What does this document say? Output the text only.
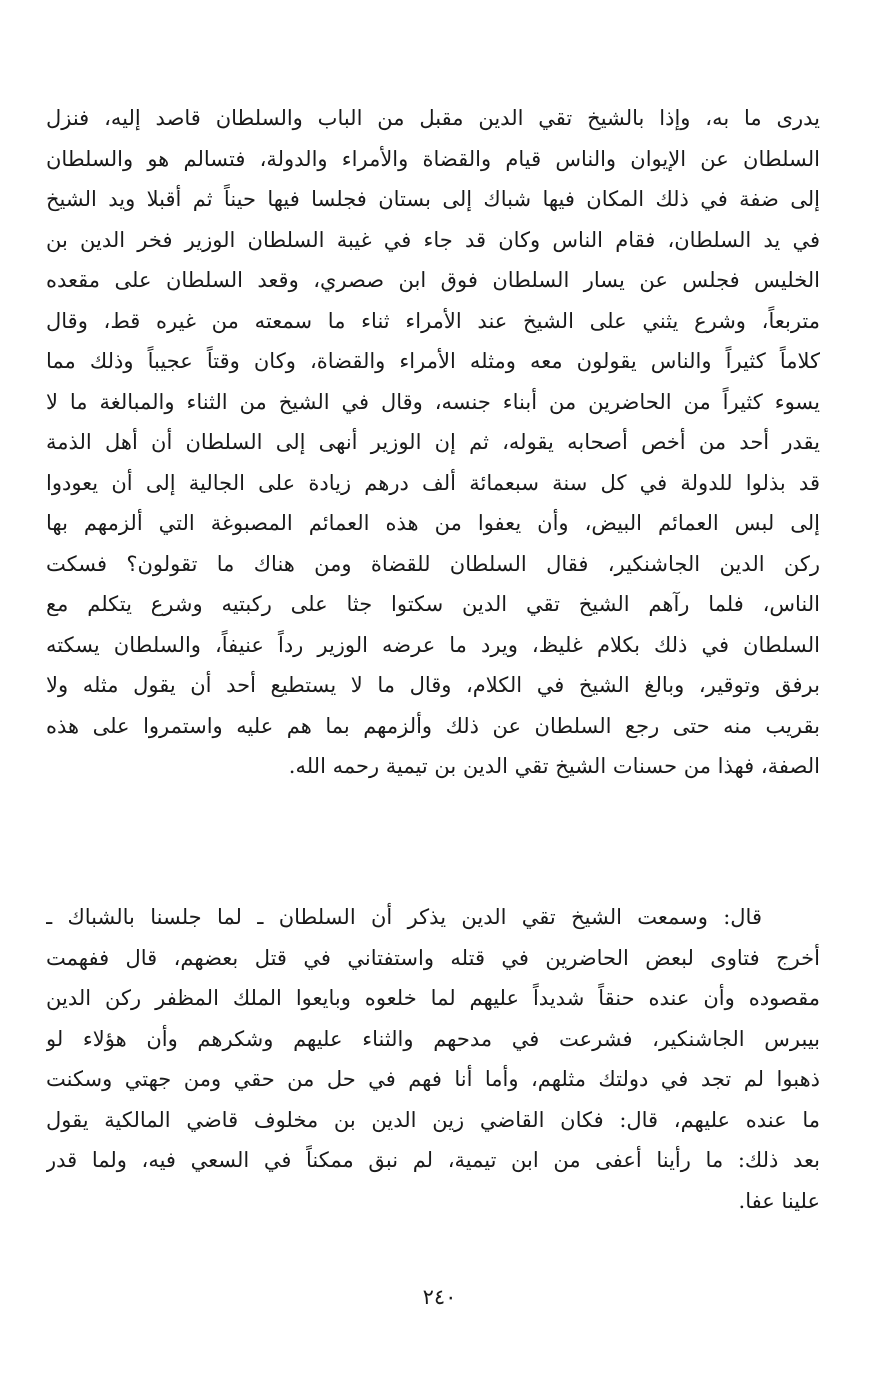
يدرى ما به، وإذا بالشيخ تقي الدين مقبل من الباب والسلطان قاصد إليه، فنزل
السلطان عن الإيوان والناس قيام والقضاة والأمراء والدولة، فتسالم هو والسلطان
إلى ضفة في ذلك المكان فيها شباك إلى بستان فجلسا فيها حيناً ثم أقبلا ويد الشيخ
في يد السلطان، فقام الناس وكان قد جاء في غيبة السلطان الوزير فخر الدين بن
الخليس فجلس عن يسار السلطان فوق ابن صصري، وقعد السلطان على مقعده
متربعاً، وشرع يثني على الشيخ عند الأمراء ثناء ما سمعته من غيره قط، وقال
كلاماً كثيراً والناس يقولون معه ومثله الأمراء والقضاة، وكان وقتاً عجيباً وذلك مما
يسوء كثيراً من الحاضرين من أبناء جنسه، وقال في الشيخ من الثناء والمبالغة ما لا
يقدر أحد من أخص أصحابه يقوله، ثم إن الوزير أنهى إلى السلطان أن أهل الذمة
قد بذلوا للدولة في كل سنة سبعمائة ألف درهم زيادة على الجالية إلى أن يعودوا
إلى لبس العمائم البيض، وأن يعفوا من هذه العمائم المصبوغة التي ألزمهم بها
ركن الدين الجاشنكير، فقال السلطان للقضاة ومن هناك ما تقولون؟ فسكت
الناس، فلما رآهم الشيخ تقي الدين سكتوا جثا على ركبتيه وشرع يتكلم مع
السلطان في ذلك بكلام غليظ، ويرد ما عرضه الوزير رداً عنيفاً، والسلطان يسكته
برفق وتوقير، وبالغ الشيخ في الكلام، وقال ما لا يستطيع أحد أن يقول مثله ولا
بقريب منه حتى رجع السلطان عن ذلك وألزمهم بما هم عليه واستمروا على هذه
الصفة، فهذا من حسنات الشيخ تقي الدين بن تيمية رحمه الله.
قال: وسمعت الشيخ تقي الدين يذكر أن السلطان ـ لما جلسنا بالشباك ـ
أخرج فتاوى لبعض الحاضرين في قتله واستفتاني في قتل بعضهم، قال ففهمت
مقصوده وأن عنده حنقاً شديداً عليهم لما خلعوه وبايعوا الملك المظفر ركن الدين
بيبرس الجاشنكير، فشرعت في مدحهم والثناء عليهم وشكرهم وأن هؤلاء لو
ذهبوا لم تجد في دولتك مثلهم، وأما أنا فهم في حل من حقي ومن جهتي وسكنت
ما عنده عليهم، قال: فكان القاضي زين الدين بن مخلوف قاضي المالكية يقول
بعد ذلك: ما رأينا أعفى من ابن تيمية، لم نبق ممكناً في السعي فيه، ولما قدر
علينا عفا.
٢٤٠
